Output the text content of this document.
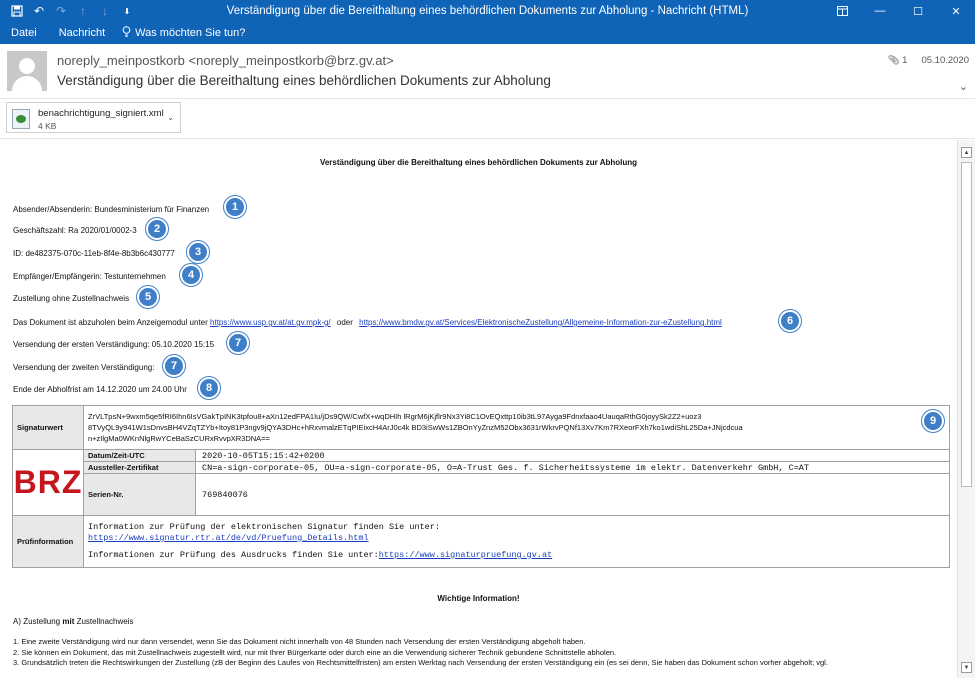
↶ ↷	↑	↓	⬇	Verständigung über die Bereithaltung eines behördlichen Dokuments zur Abholung - Nachricht (HTML)	—	☐	✕
Datei	Nachricht	Was möchten Sie tun?
noreply_meinpostkorb <noreply_meinpostkorb@brz.gv.at>
Verständigung über die Bereithaltung eines behördlichen Dokuments zur Abholung
📎︎ 1 05.10.2020
⌄
benachrichtigung_signiert.xml
4 KB
⌄
Verständigung über die Bereithaltung eines behördlichen Dokuments zur Abholung
Absender/Absenderin: Bundesministerium für Finanzen	1
Geschäftszahl: Ra 2020/01/0002-3	2
ID: de482375-070c-11eb-8f4e-8b3b6c430777	3
Empfänger/Empfängerin: Testunternehmen	4
Zustellung ohne Zustellnachweis	5
Das Dokument ist abzuholen beim Anzeigemodul unter https://www.usp.gv.at/at.gv.mpk-g/ oder https://www.bmdw.gv.at/Services/ElektronischeZustellung/Allgemeine-Information-zur-eZustellung.html	6
Versendung der ersten Verständigung: 05.10.2020 15:15	7
Versendung der zweiten Verständigung:	7
Ende der Abholfrist am 14.12.2020 um 24.00 Uhr	8
Signaturwert	ZrVLTpsN+9wxm5qe5fRI6Ihn6IsVGakTpINK3tpfou8+aXn12edFPA1Iu/jDs9QW/CwfX+wqDHIh lRgrM6jKjflr9Nx3Yi8C1OvEQxttp10ib3tL97Ayga9Fdnxfaao4UauqaRthG0joyySk2Z2+uoz3
8TVyQL9y941W1sDnvsBH4VZqTZYb+Itoy81P3ngv9jQYA3DHc+hRxvmalzETqPIEixcH4ArJ0c4k BD3iSwWs1ZBOnYyZnzM52Obx3631rWkrvPQNf13Xv7Km7RXeorFXh7ko1wdiShL25Da+JNjcdcua
n+zIlgMa0WKnNlgRwYCeBaSzCURxRvvpXR3DNA==	

BRZ	Datum/Zeit-UTC	2020-10-05T15:15:42+0200
	Aussteller-Zertifikat	CN=a-sign-corporate-05, OU=a-sign-corporate-05, O=A-Trust Ges. f. Sicherheitssysteme im elektr. Datenverkehr GmbH, C=AT
	Serien-Nr.	769840076
Prüfinformation	Information zur Prüfung der elektronischen Signatur finden Sie unter:
https://www.signatur.rtr.at/de/vd/Pruefung_Details.html
Informationen zur Prüfung des Ausdrucks finden Sie unter:https://www.signaturpruefung.gv.at	
9
Wichtige Information!
A) Zustellung mit Zustellnachweis
1. Eine zweite Verständigung wird nur dann versendet, wenn Sie das Dokument nicht innerhalb von 48 Stunden nach Versendung der ersten Verständigung abgeholt haben.
2. Sie können ein Dokument, das mit Zustellnachweis zugestellt wird, nur mit Ihrer Bürgerkarte oder durch eine an die Verwendung sicherer Technik gebundene Schnittstelle abholen.
3. Grundsätzlich treten die Rechtswirkungen der Zustellung (zB der Beginn des Laufes von Rechtsmittelfristen) am ersten Werktag nach Versendung der ersten Verständigung ein (es sei denn, Sie haben das Dokument schon vorher abgeholt; vgl.
▲
▼
